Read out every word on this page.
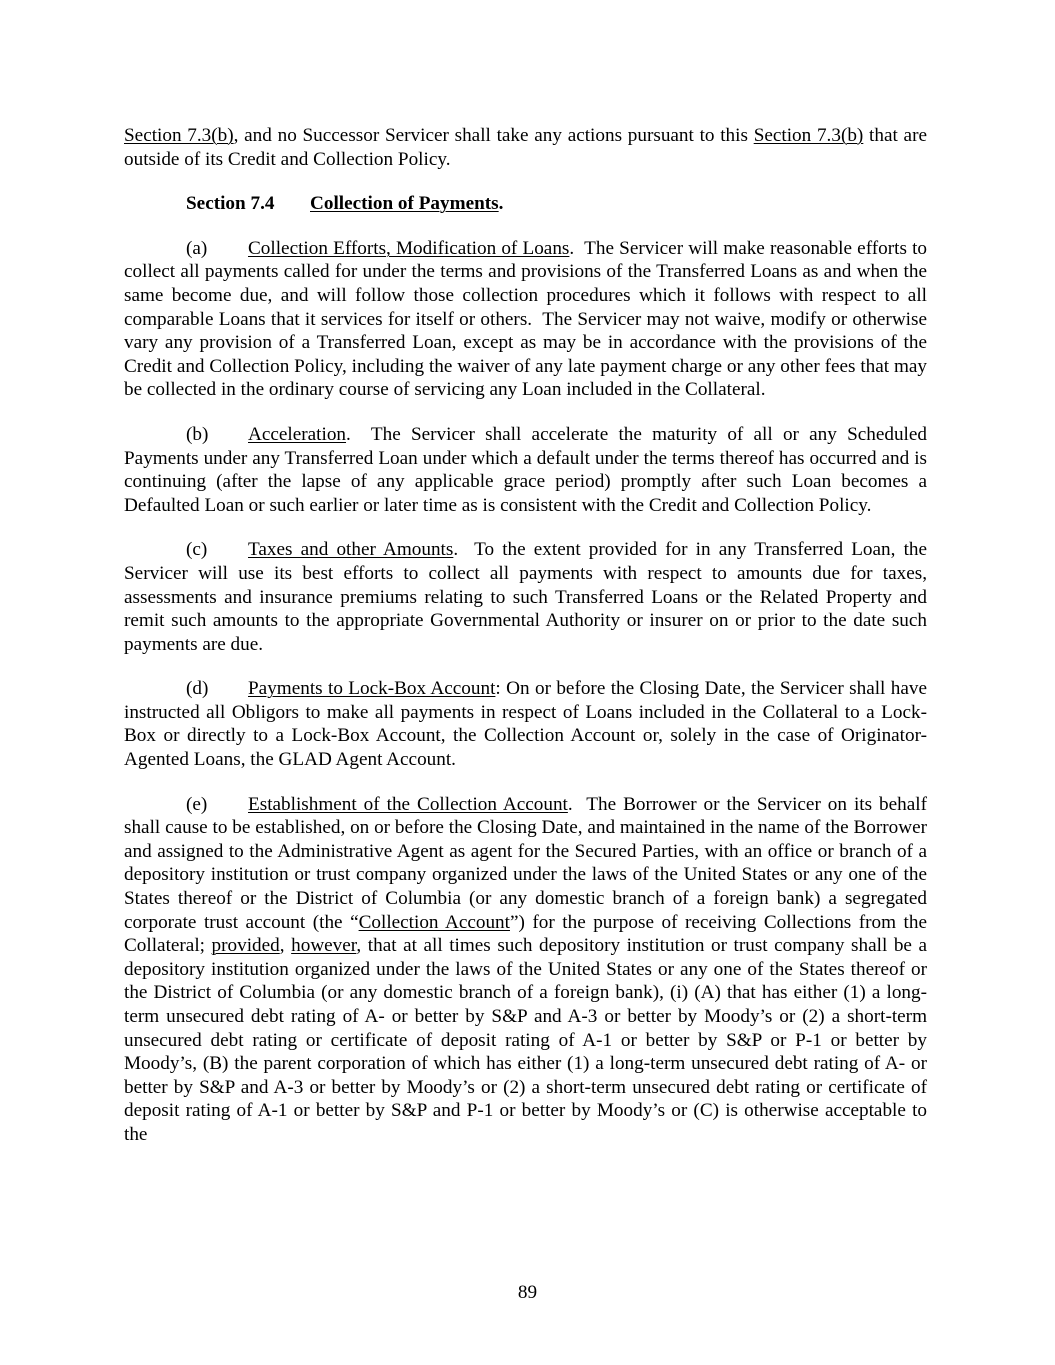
Section 7.3(b), and no Successor Servicer shall take any actions pursuant to this Section 7.3(b) that are outside of its Credit and Collection Policy.

Section 7.4 Collection of Payments.

(a) Collection Efforts, Modification of Loans.  The Servicer will make reasonable efforts to collect all payments called for under the terms and provisions of the Transferred Loans as and when the same become due, and will follow those collection procedures which it follows with respect to all comparable Loans that it services for itself or others.  The Servicer may not waive, modify or otherwise vary any provision of a Transferred Loan, except as may be in accordance with the provisions of the Credit and Collection Policy, including the waiver of any late payment charge or any other fees that may be collected in the ordinary course of servicing any Loan included in the Collateral.

(b) Acceleration.  The Servicer shall accelerate the maturity of all or any Scheduled Payments under any Transferred Loan under which a default under the terms thereof has occurred and is continuing (after the lapse of any applicable grace period) promptly after such Loan becomes a Defaulted Loan or such earlier or later time as is consistent with the Credit and Collection Policy.

(c) Taxes and other Amounts.  To the extent provided for in any Transferred Loan, the Servicer will use its best efforts to collect all payments with respect to amounts due for taxes, assessments and insurance premiums relating to such Transferred Loans or the Related Property and remit such amounts to the appropriate Governmental Authority or insurer on or prior to the date such payments are due.

(d) Payments to Lock-Box Account: On or before the Closing Date, the Servicer shall have instructed all Obligors to make all payments in respect of Loans included in the Collateral to a Lock-Box or directly to a Lock-Box Account, the Collection Account or, solely in the case of Originator-Agented Loans, the GLAD Agent Account.

(e) Establishment of the Collection Account.  The Borrower or the Servicer on its behalf shall cause to be established, on or before the Closing Date, and maintained in the name of the Borrower and assigned to the Administrative Agent as agent for the Secured Parties, with an office or branch of a depository institution or trust company organized under the laws of the United States or any one of the States thereof or the District of Columbia (or any domestic branch of a foreign bank) a segregated corporate trust account (the “Collection Account”) for the purpose of receiving Collections from the Collateral; provided, however, that at all times such depository institution or trust company shall be a depository institution organized under the laws of the United States or any one of the States thereof or the District of Columbia (or any domestic branch of a foreign bank), (i) (A) that has either (1) a long-term unsecured debt rating of A- or better by S&P and A-3 or better by Moody’s or (2) a short-term unsecured debt rating or certificate of deposit rating of A-1 or better by S&P or P-1 or better by Moody’s, (B) the parent corporation of which has either (1) a long-term unsecured debt rating of A- or better by S&P and A-3 or better by Moody’s or (2) a short-term unsecured debt rating or certificate of deposit rating of A-1 or better by S&P and P-1 or better by Moody’s or (C) is otherwise acceptable to the

89
